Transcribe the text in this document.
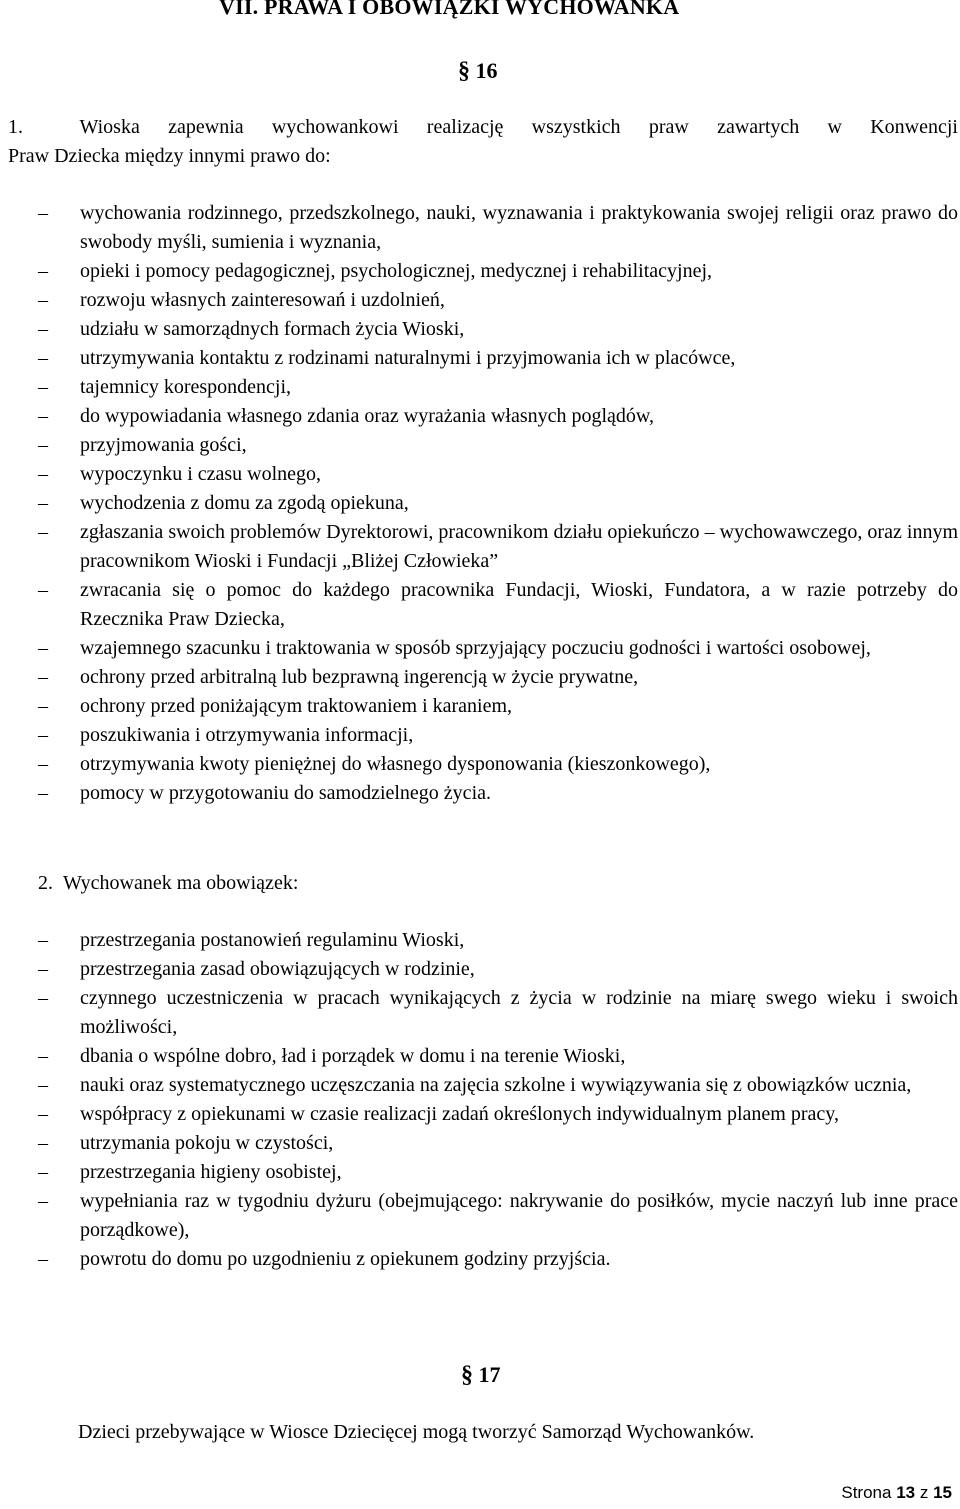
VII. PRAWA I OBOWIĄZKI WYCHOWANKA
§ 16
1.	Wioska zapewnia wychowankowi realizację wszystkich praw zawartych w Konwencji
Praw Dziecka między innymi prawo do:
– wychowania rodzinnego, przedszkolnego, nauki, wyznawania i praktykowania swojej religii oraz prawo do swobody myśli, sumienia i wyznania,
– opieki i pomocy pedagogicznej, psychologicznej, medycznej i rehabilitacyjnej,
– rozwoju własnych zainteresowań i uzdolnień,
– udziału w samorządnych formach życia Wioski,
– utrzymywania kontaktu z rodzinami naturalnymi i przyjmowania ich w placówce,
– tajemnicy korespondencji,
– do wypowiadania własnego zdania oraz wyrażania własnych poglądów,
– przyjmowania gości,
– wypoczynku i czasu wolnego,
– wychodzenia z domu za zgodą opiekuna,
– zgłaszania swoich problemów Dyrektorowi, pracownikom działu opiekuńczo – wychowawczego, oraz innym pracownikom Wioski i Fundacji „Bliżej Człowieka”
– zwracania się o pomoc do każdego pracownika Fundacji, Wioski, Fundatora, a w razie potrzeby do Rzecznika Praw Dziecka,
– wzajemnego szacunku i traktowania w sposób sprzyjający poczuciu godności i wartości osobowej,
– ochrony przed arbitralną lub bezprawną ingerencją w życie prywatne,
– ochrony przed poniżającym traktowaniem i karaniem,
– poszukiwania i otrzymywania informacji,
– otrzymywania kwoty pieniężnej do własnego dysponowania (kieszonkowego),
– pomocy w przygotowaniu do samodzielnego życia.
2. Wychowanek ma obowiązek:
– przestrzegania postanowień regulaminu Wioski,
– przestrzegania zasad obowiązujących w rodzinie,
– czynnego uczestniczenia w pracach wynikających z życia w rodzinie na miarę swego wieku i swoich możliwości,
– dbania o wspólne dobro, ład i porządek w domu i na terenie Wioski,
– nauki oraz systematycznego uczęszczania na zajęcia szkolne i wywiązywania się z obowiązków ucznia,
– współpracy z opiekunami w czasie realizacji zadań określonych indywidualnym planem pracy,
– utrzymania pokoju w czystości,
– przestrzegania higieny osobistej,
– wypełniania raz w tygodniu dyżuru (obejmującego: nakrywanie do posiłków, mycie naczyń lub inne prace porządkowe),
– powrotu do domu po uzgodnieniu z opiekunem godziny przyjścia.
§ 17
Dzieci przebywające w Wiosce Dziecięcej mogą tworzyć Samorząd Wychowanków.
Strona 13 z 15
